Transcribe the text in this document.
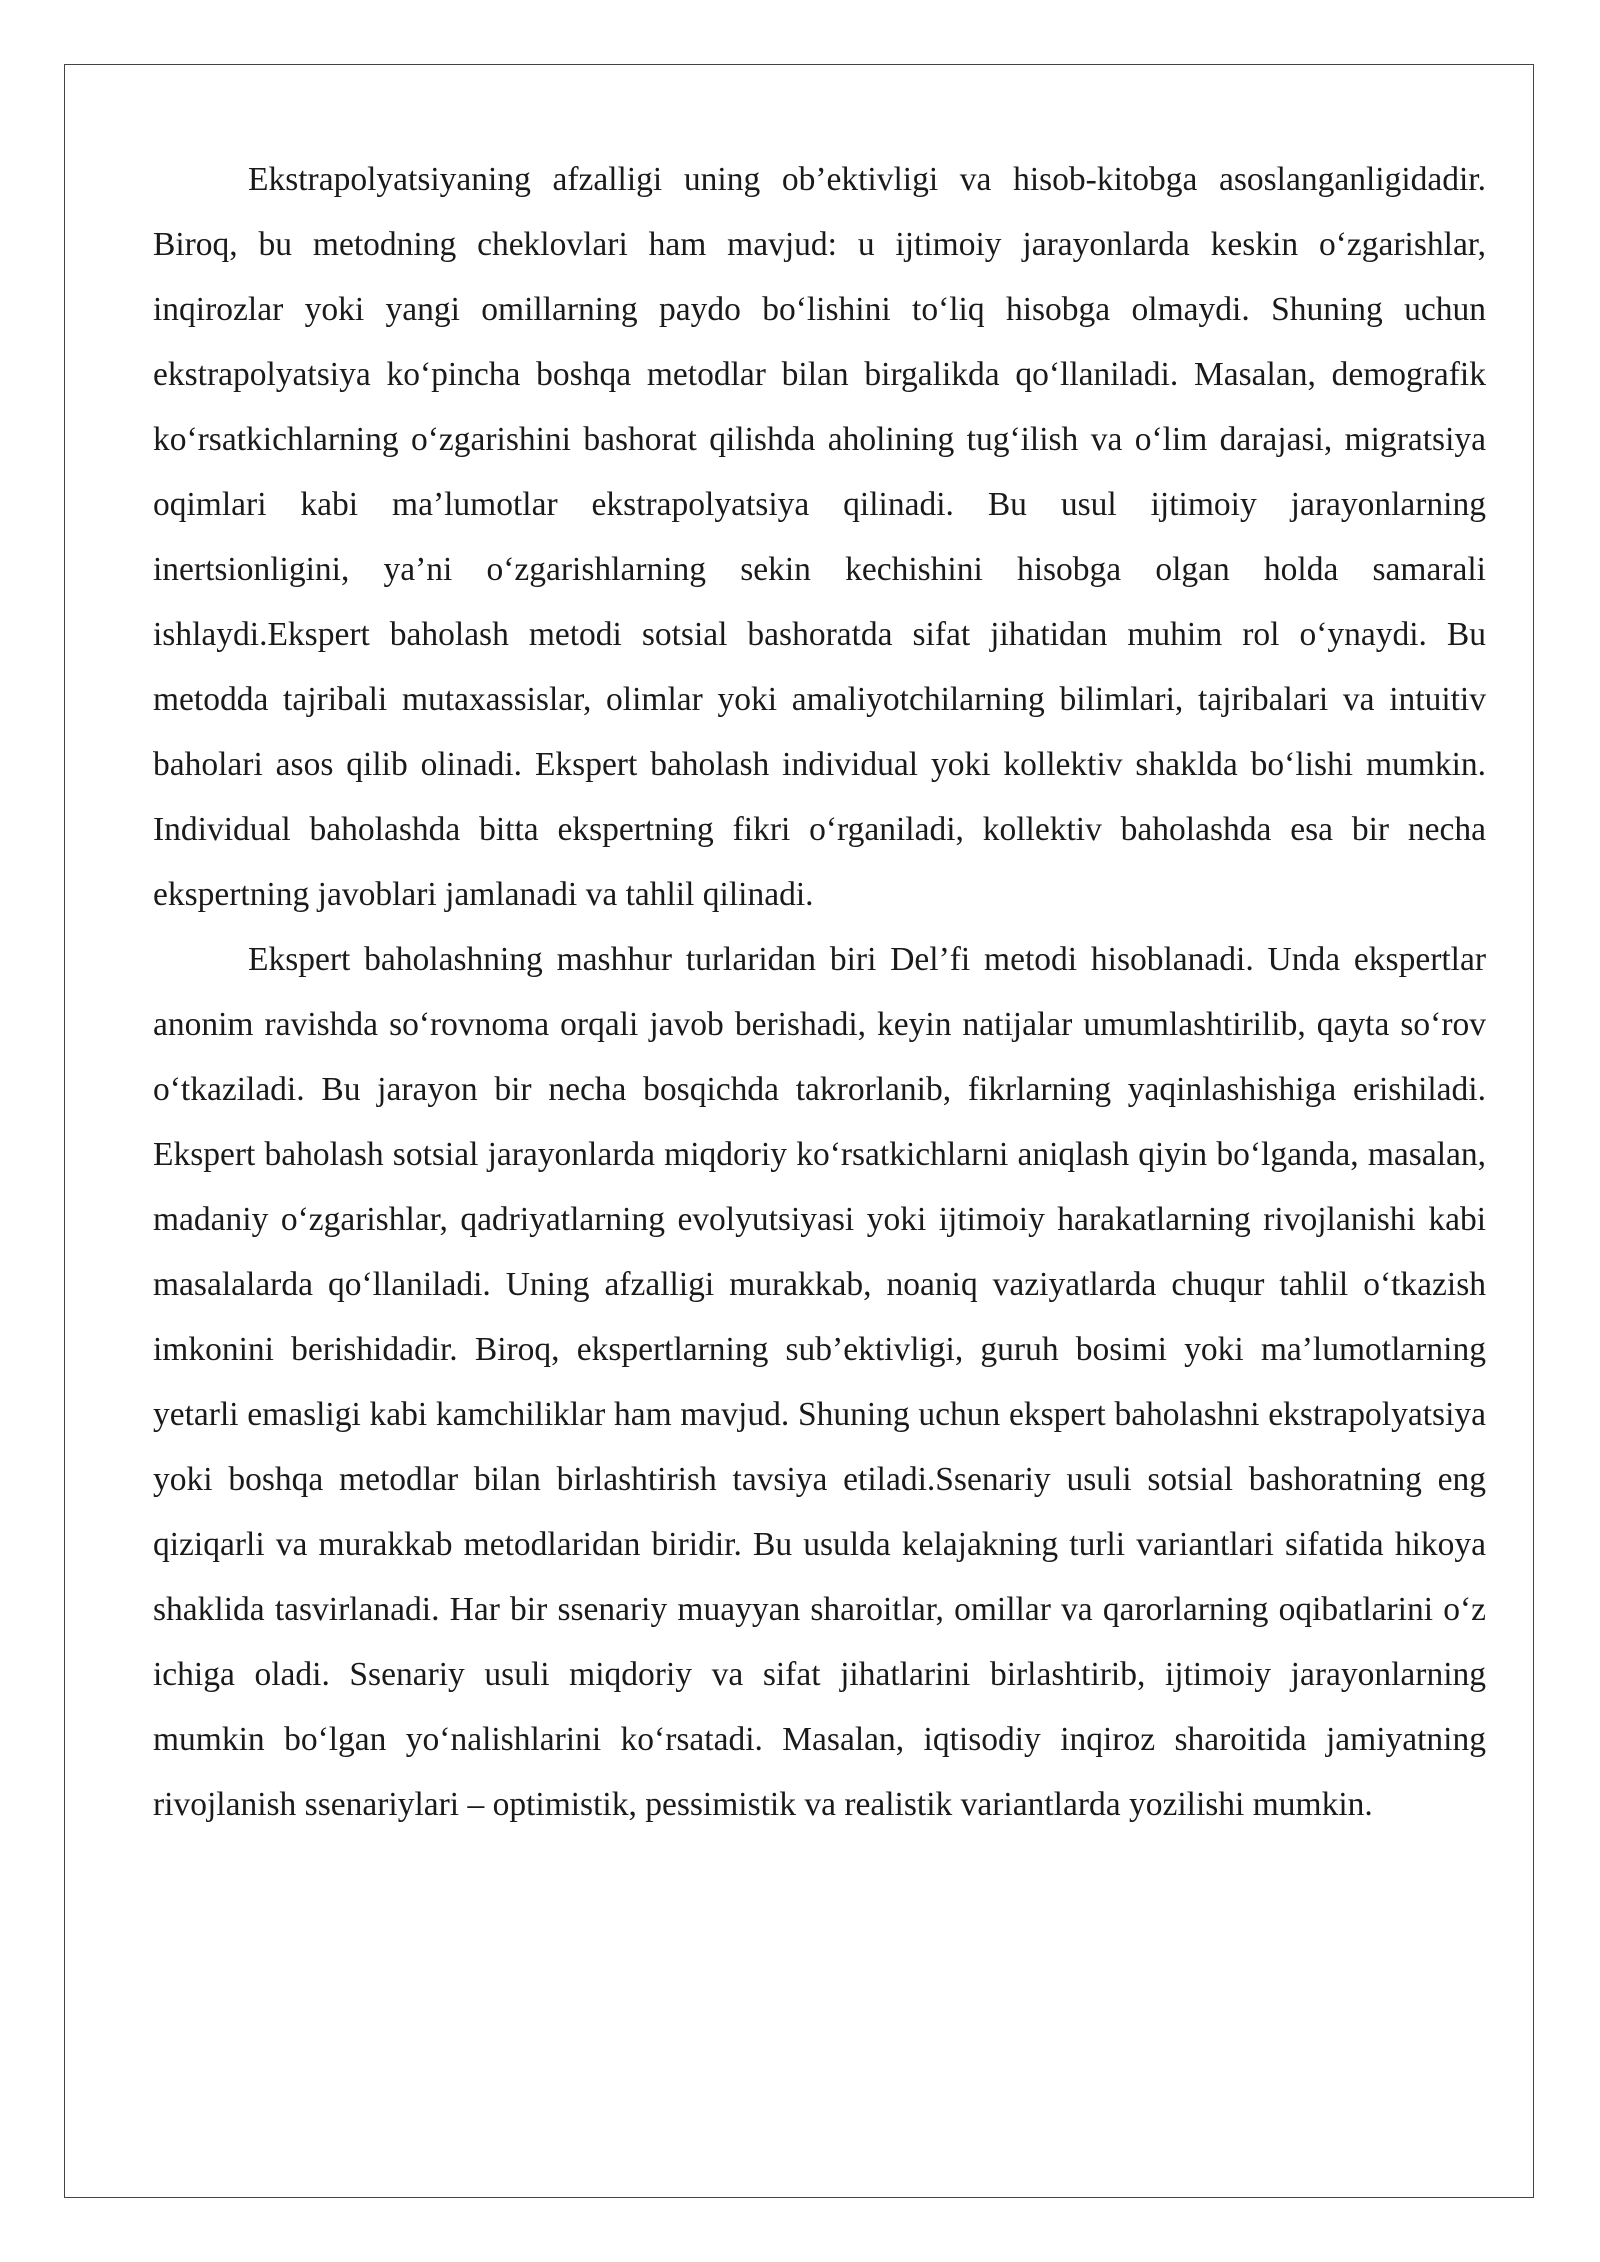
Ekstrapolyatsiyaning afzalligi uning ob’ektivligi va hisob-kitobga asoslanganligidadir. Biroq, bu metodning cheklovlari ham mavjud: u ijtimoiy jarayonlarda keskin o‘zgarishlar, inqirozlar yoki yangi omillarning paydo bo‘lishini to‘liq hisobga olmaydi. Shuning uchun ekstrapolyatsiya ko‘pincha boshqa metodlar bilan birgalikda qo‘llaniladi. Masalan, demografik ko‘rsatkichlarning o‘zgarishini bashorat qilishda aholining tug‘ilish va o‘lim darajasi, migratsiya oqimlari kabi ma’lumotlar ekstrapolyatsiya qilinadi. Bu usul ijtimoiy jarayonlarning inertsionligini, ya’ni o‘zgarishlarning sekin kechishini hisobga olgan holda samarali ishlaydi.Ekspert baholash metodi sotsial bashoratda sifat jihatidan muhim rol o‘ynaydi. Bu metodda tajribali mutaxassislar, olimlar yoki amaliyotchilarning bilimlari, tajribalari va intuitiv baholari asos qilib olinadi. Ekspert baholash individual yoki kollektiv shaklda bo‘lishi mumkin. Individual baholashda bitta ekspertning fikri o‘rganiladi, kollektiv baholashda esa bir necha ekspertning javoblari jamlanadi va tahlil qilinadi.

Ekspert baholashning mashhur turlaridan biri Del’fi metodi hisoblanadi. Unda ekspertlar anonim ravishda so‘rovnoma orqali javob berishadi, keyin natijalar umumlashtirilib, qayta so‘rov o‘tkaziladi. Bu jarayon bir necha bosqichda takrorlanib, fikrlarning yaqinlashishiga erishiladi. Ekspert baholash sotsial jarayonlarda miqdoriy ko‘rsatkichlarni aniqlash qiyin bo‘lganda, masalan, madaniy o‘zgarishlar, qadriyatlarning evolyutsiyasi yoki ijtimoiy harakatlarning rivojlanishi kabi masalalarda qo‘llaniladi. Uning afzalligi murakkab, noaniq vaziyatlarda chuqur tahlil o‘tkazish imkonini berishidadir. Biroq, ekspertlarning sub’ektivligi, guruh bosimi yoki ma’lumotlarning yetarli emasligi kabi kamchiliklar ham mavjud. Shuning uchun ekspert baholashni ekstrapolyatsiya yoki boshqa metodlar bilan birlashtirish tavsiya etiladi.Ssenariy usuli sotsial bashoratning eng qiziqarli va murakkab metodlaridan biridir. Bu usulda kelajakning turli variantlari sifatida hikoya shaklida tasvirlanadi. Har bir ssenariy muayyan sharoitlar, omillar va qarorlarning oqibatlarini o‘z ichiga oladi. Ssenariy usuli miqdoriy va sifat jihatlarini birlashtirib, ijtimoiy jarayonlarning mumkin bo‘lgan yo‘nalishlarini ko‘rsatadi. Masalan, iqtisodiy inqiroz sharoitida jamiyatning rivojlanish ssenariylari – optimistik, pessimistik va realistik variantlarda yozilishi mumkin.
